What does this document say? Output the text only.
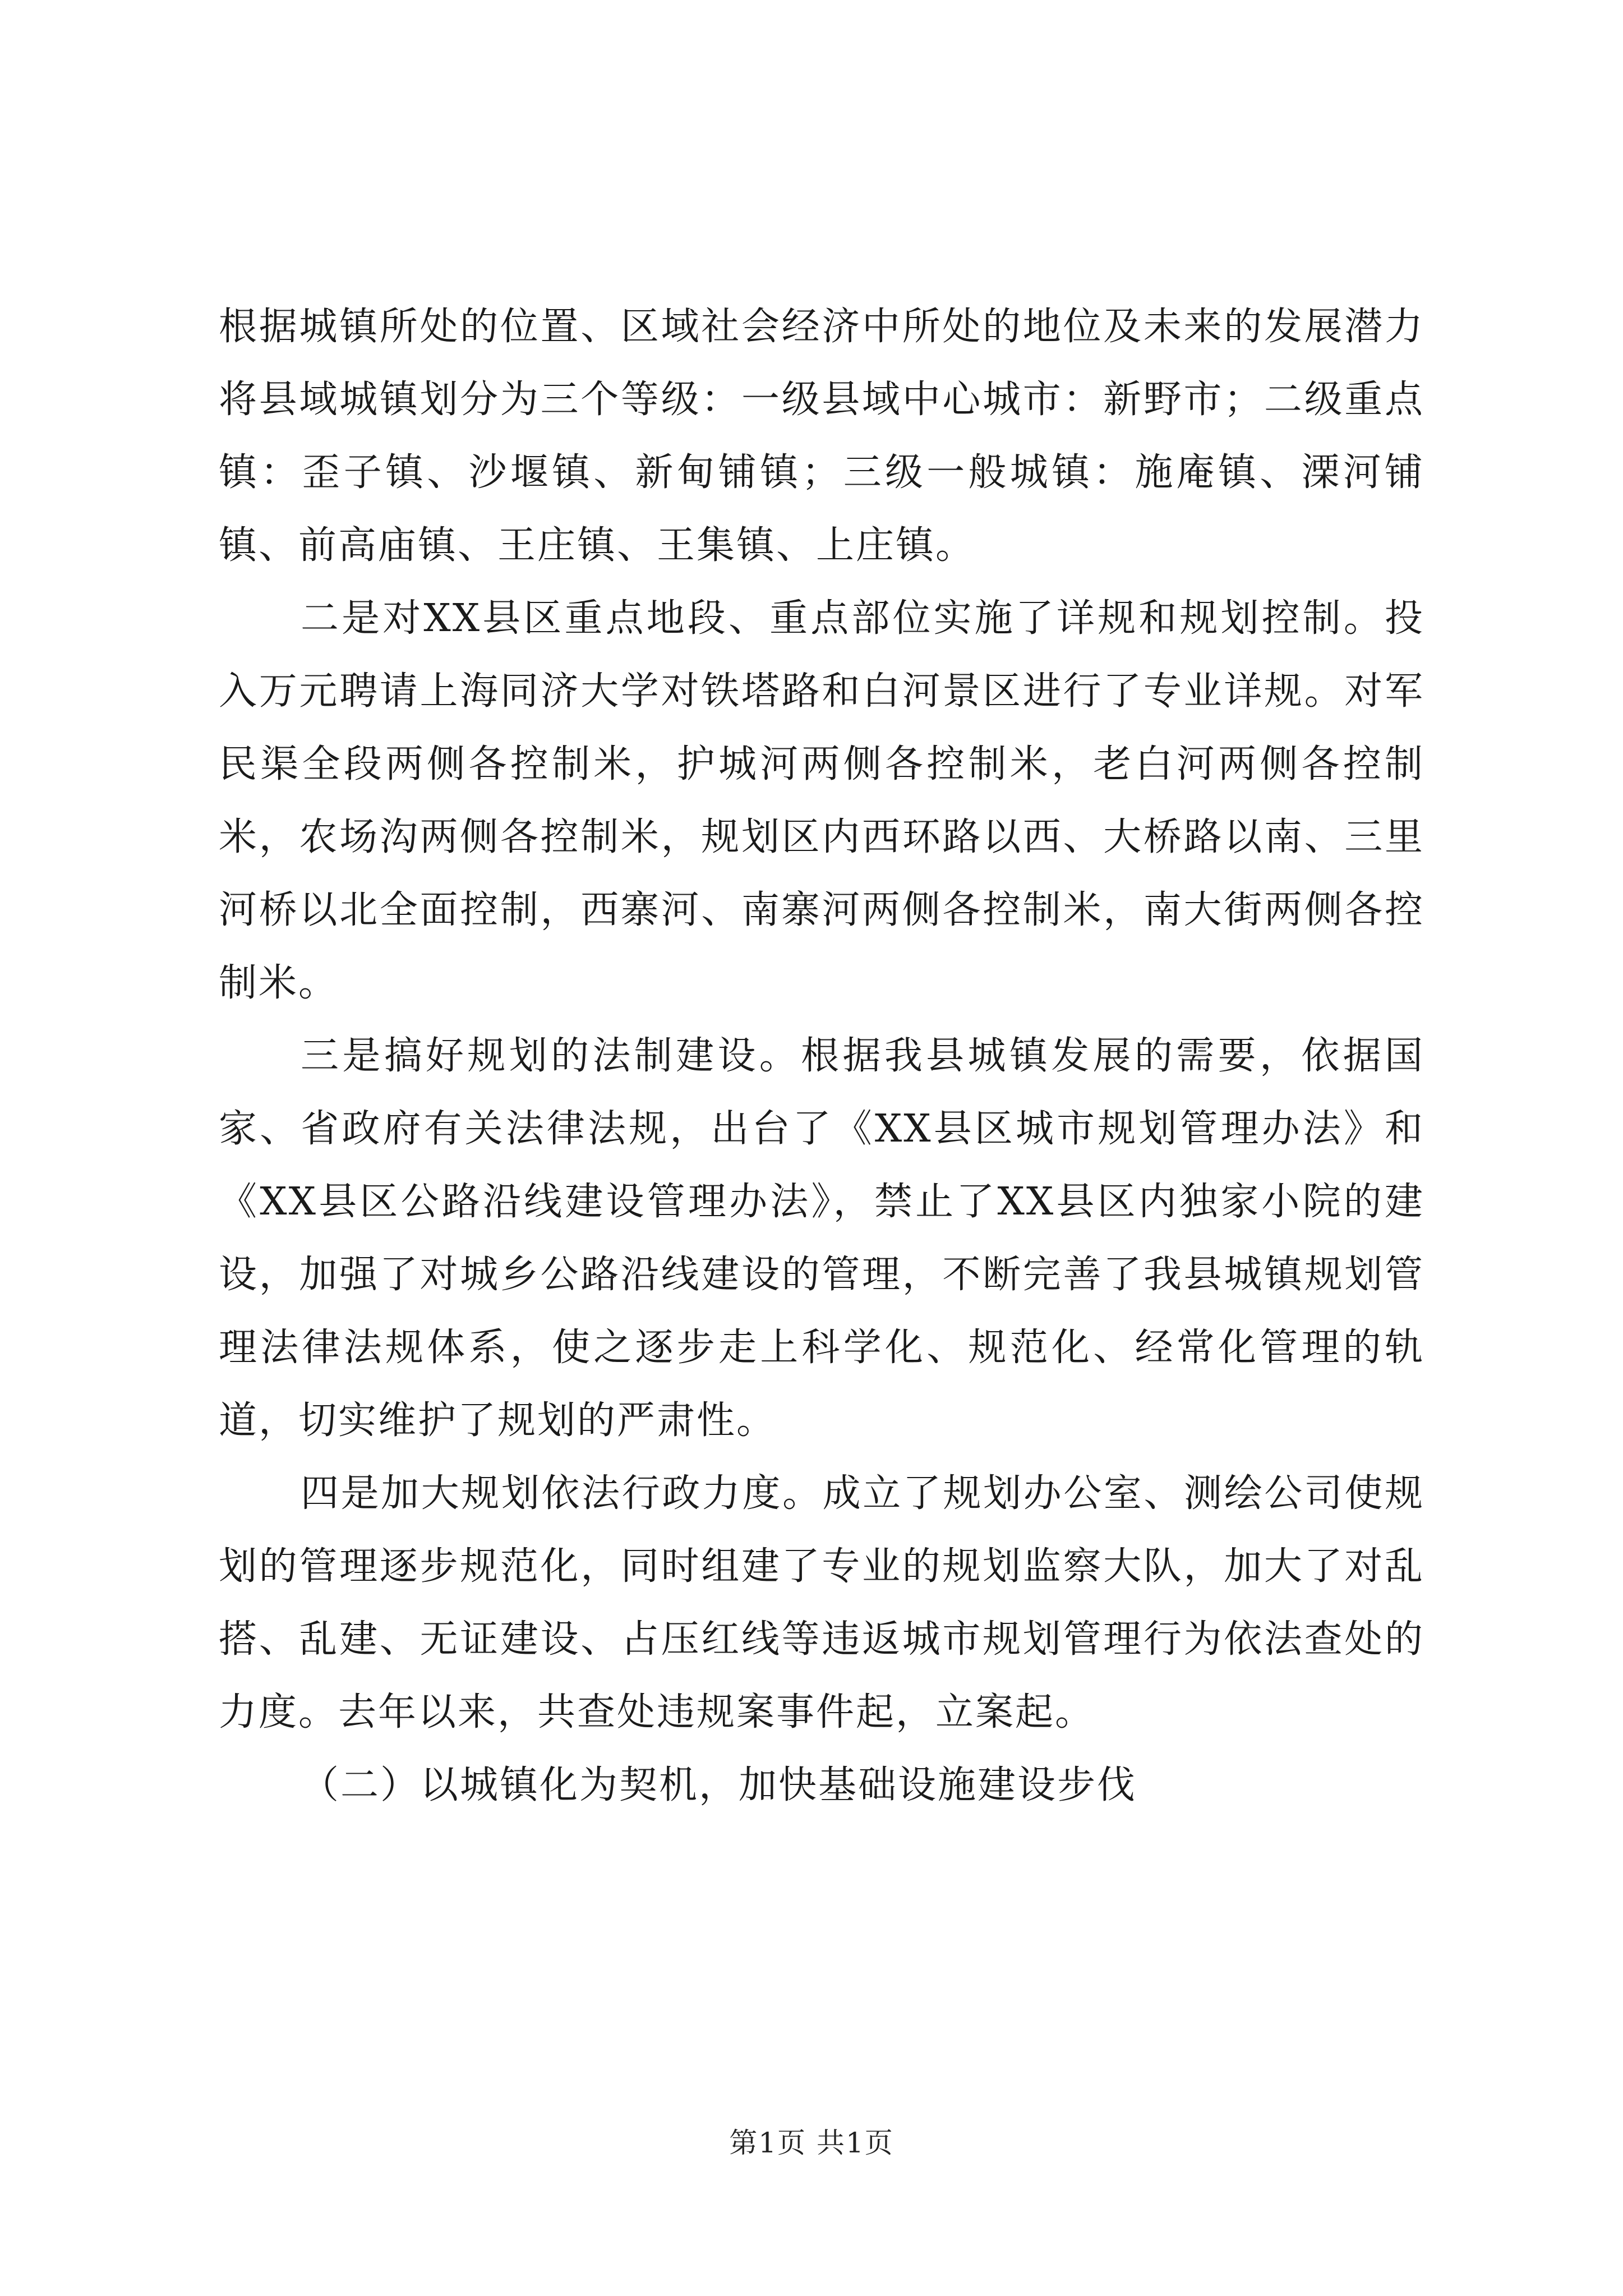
根据城镇所处的位置、区域社会经济中所处的地位及未来的发展潜力将县域城镇划分为三个等级：一级县域中心城市：新野市；二级重点镇：歪子镇、沙堰镇、新甸铺镇；三级一般城镇：施庵镇、溧河铺镇、前高庙镇、王庄镇、王集镇、上庄镇。

二是对XX县区重点地段、重点部位实施了详规和规划控制。投入万元聘请上海同济大学对铁塔路和白河景区进行了专业详规。对军民渠全段两侧各控制米，护城河两侧各控制米，老白河两侧各控制米，农场沟两侧各控制米，规划区内西环路以西、大桥路以南、三里河桥以北全面控制，西寨河、南寨河两侧各控制米，南大街两侧各控制米。

三是搞好规划的法制建设。根据我县城镇发展的需要，依据国家、省政府有关法律法规，出台了《XX县区城市规划管理办法》和《XX县区公路沿线建设管理办法》，禁止了XX县区内独家小院的建设，加强了对城乡公路沿线建设的管理，不断完善了我县城镇规划管理法律法规体系，使之逐步走上科学化、规范化、经常化管理的轨道，切实维护了规划的严肃性。

四是加大规划依法行政力度。成立了规划办公室、测绘公司使规划的管理逐步规范化，同时组建了专业的规划监察大队，加大了对乱搭、乱建、无证建设、占压红线等违返城市规划管理行为依法查处的力度。去年以来，共查处违规案事件起，立案起。

（二）以城镇化为契机，加快基础设施建设步伐

第1页 共1页
